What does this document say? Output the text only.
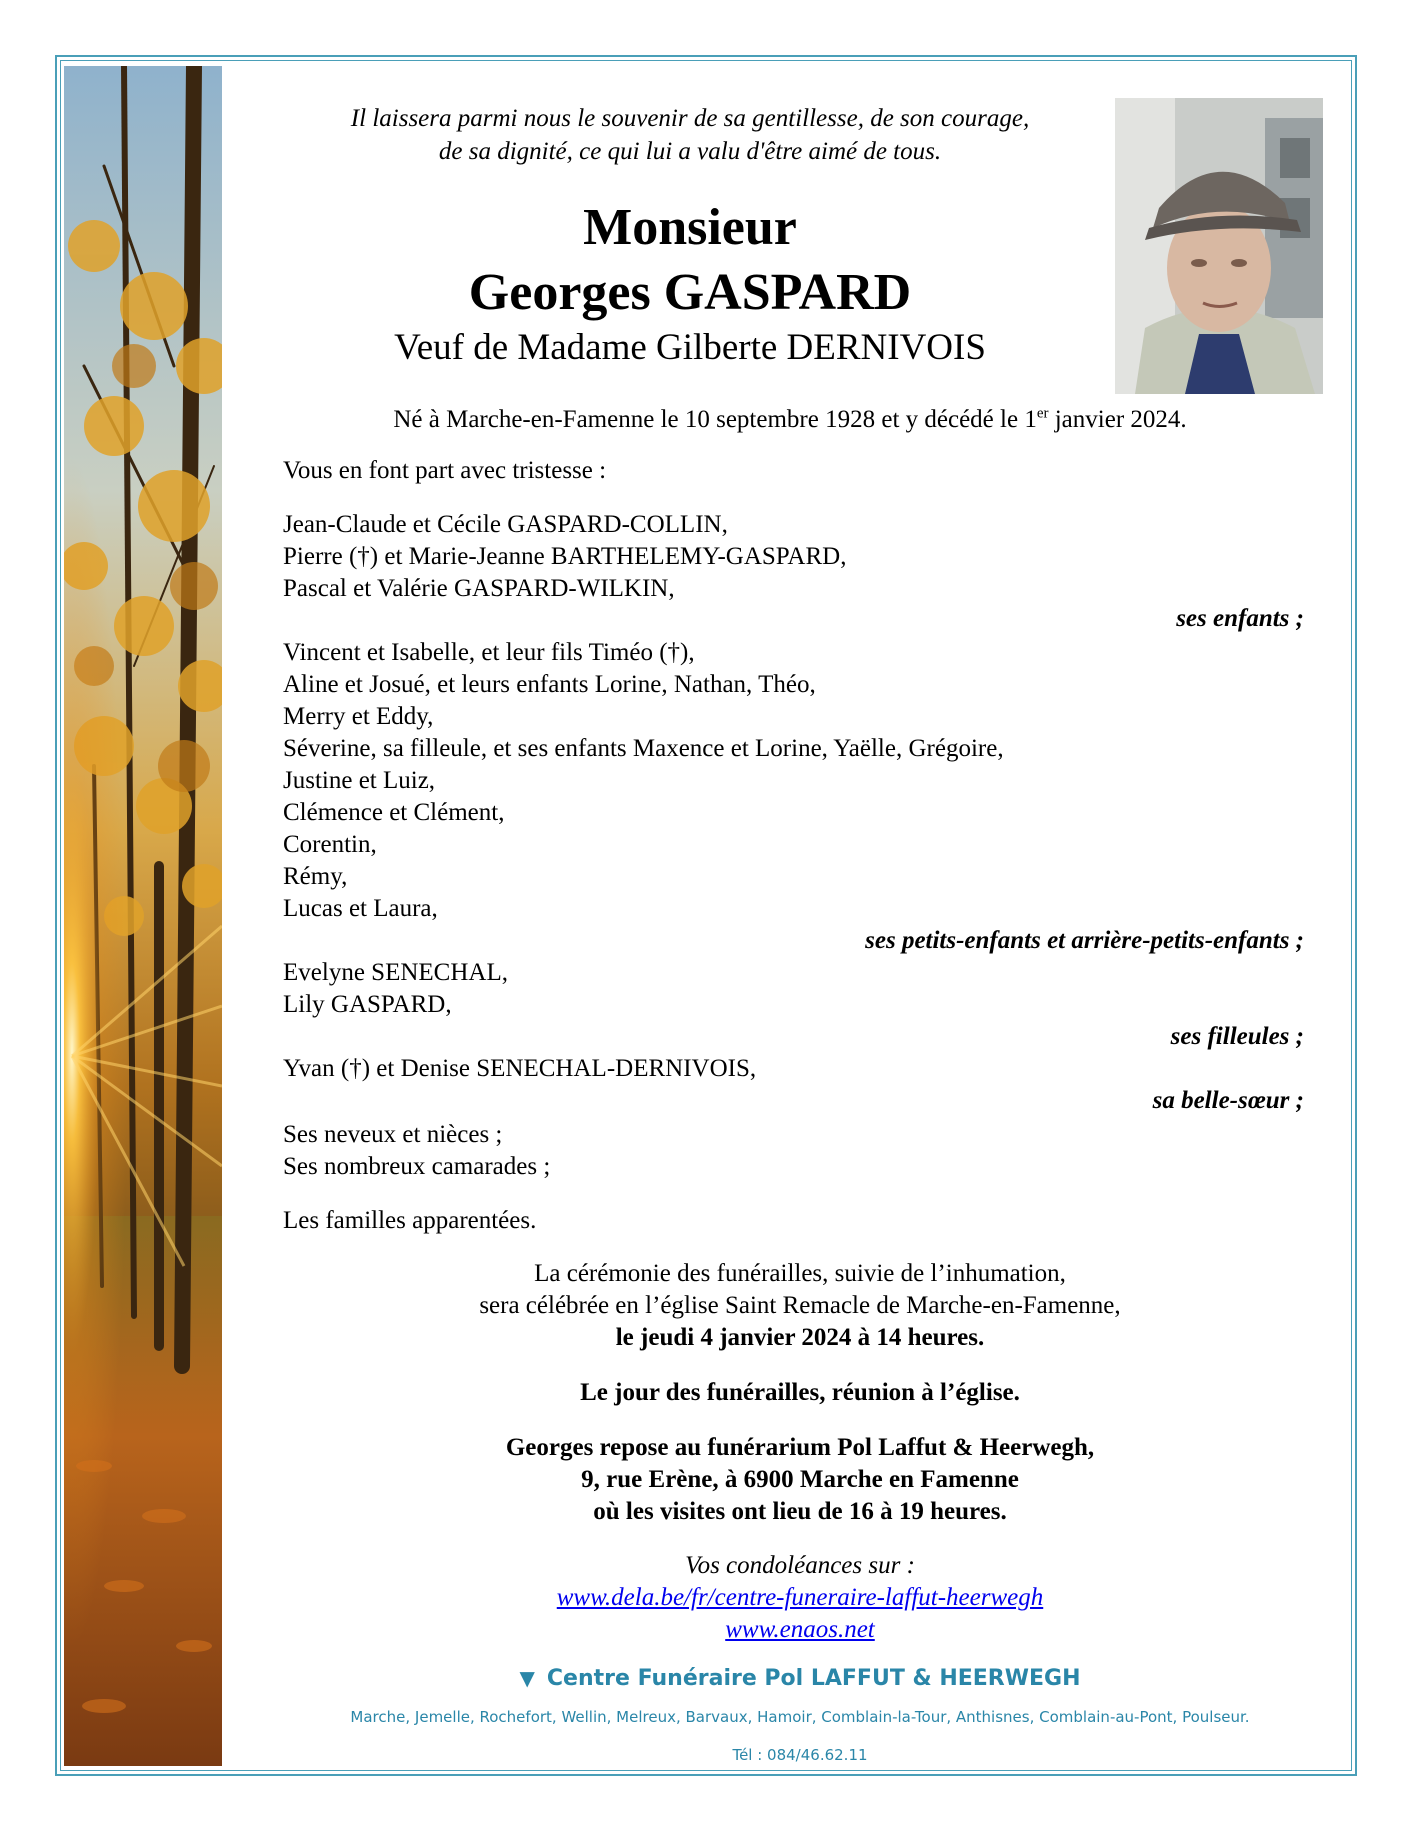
Il laissera parmi nous le souvenir de sa gentillesse, de son courage,
de sa dignité, ce qui lui a valu d'être aimé de tous.
Monsieur
Georges GASPARD
Veuf de Madame Gilberte DERNIVOIS
Né à Marche-en-Famenne le 10 septembre 1928 et y décédé le 1er janvier 2024.
Vous en font part avec tristesse :
Jean-Claude et Cécile GASPARD-COLLIN,
Pierre (†) et Marie-Jeanne BARTHELEMY-GASPARD,
Pascal et Valérie GASPARD-WILKIN,
ses enfants ;
Vincent et Isabelle, et leur fils Timéo (†),
Aline et Josué, et leurs enfants Lorine, Nathan, Théo,
Merry et Eddy,
Séverine, sa filleule, et ses enfants Maxence et Lorine, Yaëlle, Grégoire,
Justine et Luiz,
Clémence et Clément,
Corentin,
Rémy,
Lucas et Laura,
ses petits-enfants et arrière-petits-enfants ;
Evelyne SENECHAL,
Lily GASPARD,
ses filleules ;
Yvan (†) et Denise SENECHAL-DERNIVOIS,
sa belle-sœur ;
Ses neveux et nièces ;
Ses nombreux camarades ;
Les familles apparentées.
La cérémonie des funérailles, suivie de l’inhumation,
sera célébrée en l’église Saint Remacle de Marche-en-Famenne,
le jeudi 4 janvier 2024 à 14 heures.
Le jour des funérailles, réunion à l’église.
Georges repose au funérarium Pol Laffut & Heerwegh,
9, rue Erène, à 6900 Marche en Famenne
où les visites ont lieu de 16 à 19 heures.
Vos condoléances sur :
www.dela.be/fr/centre-funeraire-laffut-heerwegh
www.enaos.net
▼ Centre Funéraire Pol LAFFUT & HEERWEGH
Marche, Jemelle, Rochefort, Wellin, Melreux, Barvaux, Hamoir, Comblain-la-Tour, Anthisnes, Comblain-au-Pont, Poulseur.
Tél : 084/46.62.11
